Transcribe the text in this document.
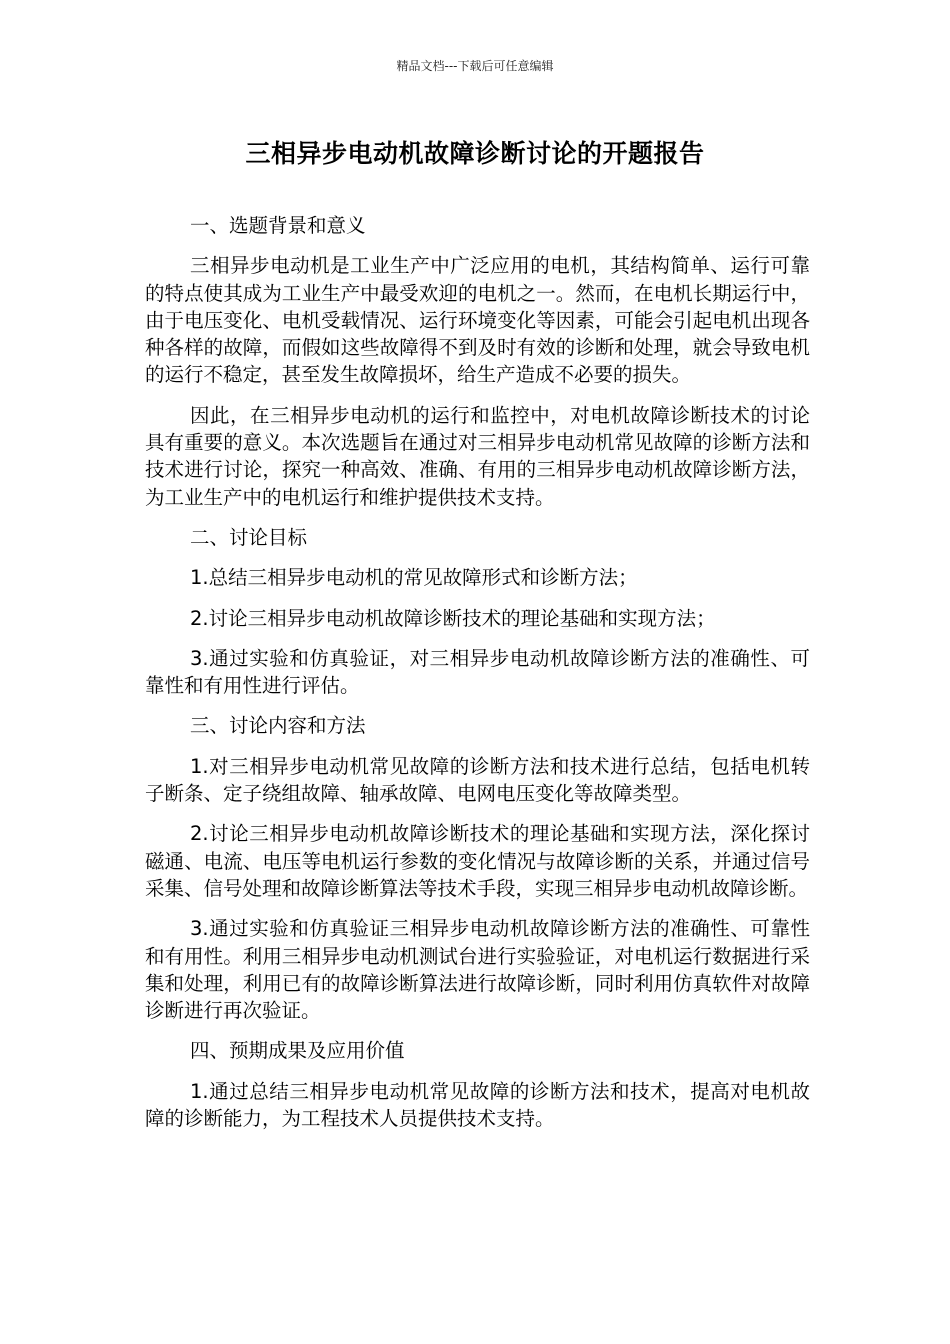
精品文档---下载后可任意编辑
三相异步电动机故障诊断讨论的开题报告

一、选题背景和意义

三相异步电动机是工业生产中广泛应用的电机，其结构简单、运行可靠的特点使其成为工业生产中最受欢迎的电机之一。然而，在电机长期运行中，由于电压变化、电机受载情况、运行环境变化等因素，可能会引起电机出现各种各样的故障，而假如这些故障得不到及时有效的诊断和处理，就会导致电机的运行不稳定，甚至发生故障损坏，给生产造成不必要的损失。

因此，在三相异步电动机的运行和监控中，对电机故障诊断技术的讨论具有重要的意义。本次选题旨在通过对三相异步电动机常见故障的诊断方法和技术进行讨论，探究一种高效、准确、有用的三相异步电动机故障诊断方法，为工业生产中的电机运行和维护提供技术支持。

二、讨论目标

1.总结三相异步电动机的常见故障形式和诊断方法；

2.讨论三相异步电动机故障诊断技术的理论基础和实现方法；

3.通过实验和仿真验证，对三相异步电动机故障诊断方法的准确性、可靠性和有用性进行评估。

三、讨论内容和方法

1.对三相异步电动机常见故障的诊断方法和技术进行总结，包括电机转子断条、定子绕组故障、轴承故障、电网电压变化等故障类型。

2.讨论三相异步电动机故障诊断技术的理论基础和实现方法，深化探讨磁通、电流、电压等电机运行参数的变化情况与故障诊断的关系，并通过信号采集、信号处理和故障诊断算法等技术手段，实现三相异步电动机故障诊断。

3.通过实验和仿真验证三相异步电动机故障诊断方法的准确性、可靠性和有用性。利用三相异步电动机测试台进行实验验证，对电机运行数据进行采集和处理，利用已有的故障诊断算法进行故障诊断，同时利用仿真软件对故障诊断进行再次验证。

四、预期成果及应用价值

1.通过总结三相异步电动机常见故障的诊断方法和技术，提高对电机故障的诊断能力，为工程技术人员提供技术支持。
